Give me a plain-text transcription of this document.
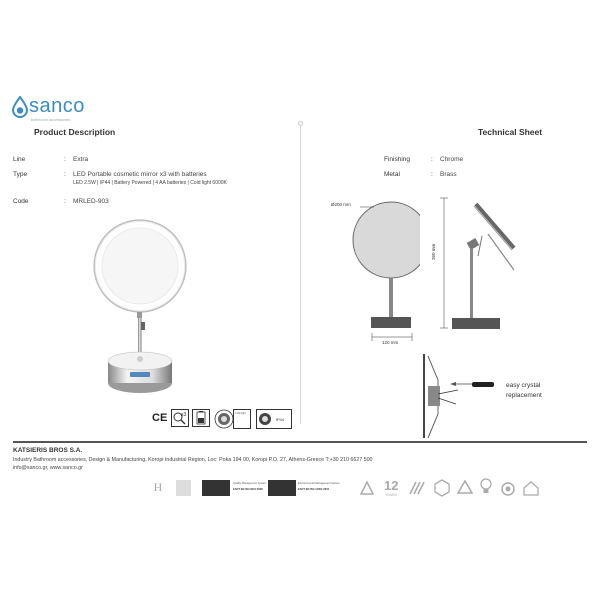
sanco
bathroom accessories
Product Description	Technical Sheet
Line	: Extra
Type	: LED Portable cosmetic mirror x3 with batteries
LED 2.5W | IP44 | Battery Powered | 4 AA batteries | Cold light 6000K
Code	: MRLED-903
Finishing	: Chrome
Metal	: Brass
Ø200 mm
120 mm
360 mm
easy crystal
replacement
CE	x3	Cold light
IP44
KATSIERIS BROS S.A.
Industry Bathroom accessories, Design & Manufacturing, Koropi Industrial Region, Loc: Poka 194 00, Koropi P.O. 27, Athens-Greece T:+30 210 6627 500
info@sanco.gr, www.sanco.gr
H	Quality Management System
ΕΛΟΤ EN ISO 9001:2008
Environmental Management System
ΕΛΟΤ EN ISO 14001:2004	12
YEARS
